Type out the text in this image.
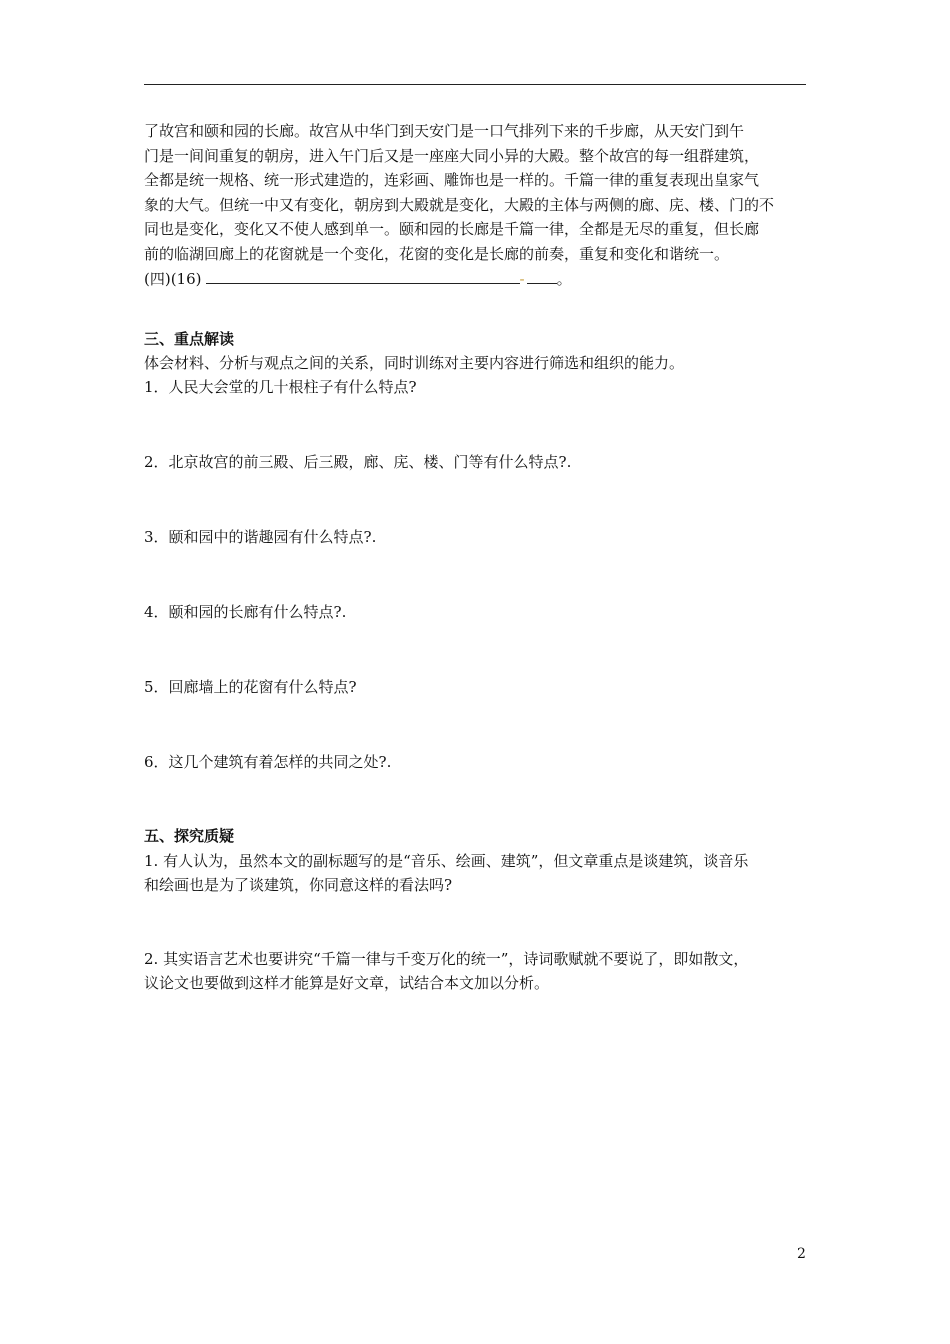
了故宫和颐和园的长廊。故宫从中华门到天安门是一口气排列下来的千步廊，从天安门到午
门是一间间重复的朝房，进入午门后又是一座座大同小异的大殿。整个故宫的每一组群建筑，
全都是统一规格、统一形式建造的，连彩画、雕饰也是一样的。千篇一律的重复表现出皇家气
象的大气。但统一中又有变化，朝房到大殿就是变化，大殿的主体与两侧的廊、庑、楼、门的不
同也是变化，变化又不使人感到单一。颐和园的长廊是千篇一律，全都是无尽的重复，但长廊
前的临湖回廊上的花窗就是一个变化，花窗的变化是长廊的前奏，重复和变化和谐统一。
(四)(16)	- 。
三、重点解读
体会材料、分析与观点之间的关系，同时训练对主要内容进行筛选和组织的能力。
1．人民大会堂的几十根柱子有什么特点?
2．北京故宫的前三殿、后三殿，廊、庑、楼、门等有什么特点?.
3．颐和园中的谐趣园有什么特点?.
4．颐和园的长廊有什么特点?.
5．回廊墙上的花窗有什么特点?
6．这几个建筑有着怎样的共同之处?.
五、探究质疑
1. 有人认为，虽然本文的副标题写的是“音乐、绘画、建筑”，但文章重点是谈建筑，谈音乐
和绘画也是为了谈建筑，你同意这样的看法吗?
2. 其实语言艺术也要讲究“千篇一律与千变万化的统一”，诗词歌赋就不要说了，即如散文，
议论文也要做到这样才能算是好文章，试结合本文加以分析。
2
